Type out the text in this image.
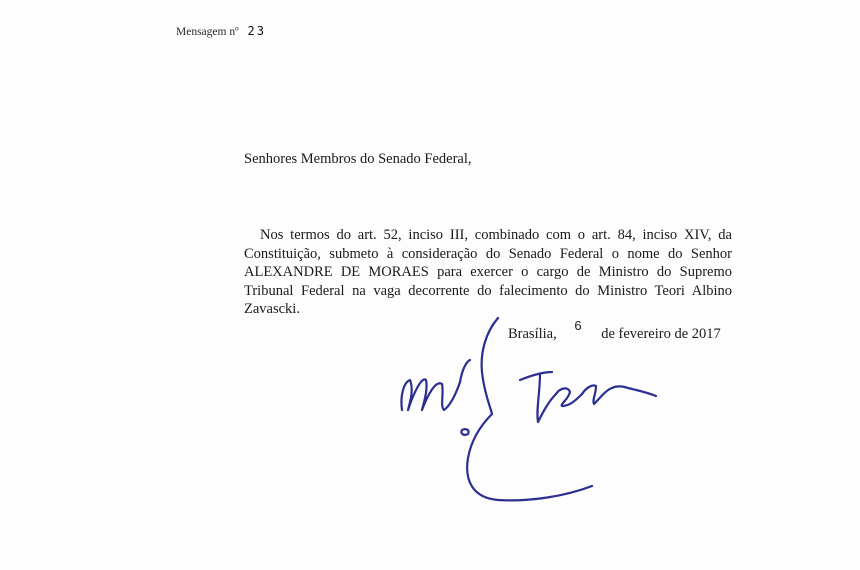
Mensagem nº 23
Senhores Membros do Senado Federal,

Nos termos do art. 52, inciso III, combinado com o art. 84, inciso XIV, da Constituição, submeto à consideração do Senado Federal o nome do Senhor ALEXANDRE DE MORAES para exercer o cargo de Ministro do Supremo Tribunal Federal na vaga decorrente do falecimento do Ministro Teori Albino Zavascki.

Brasília, 6 de fevereiro de 2017
